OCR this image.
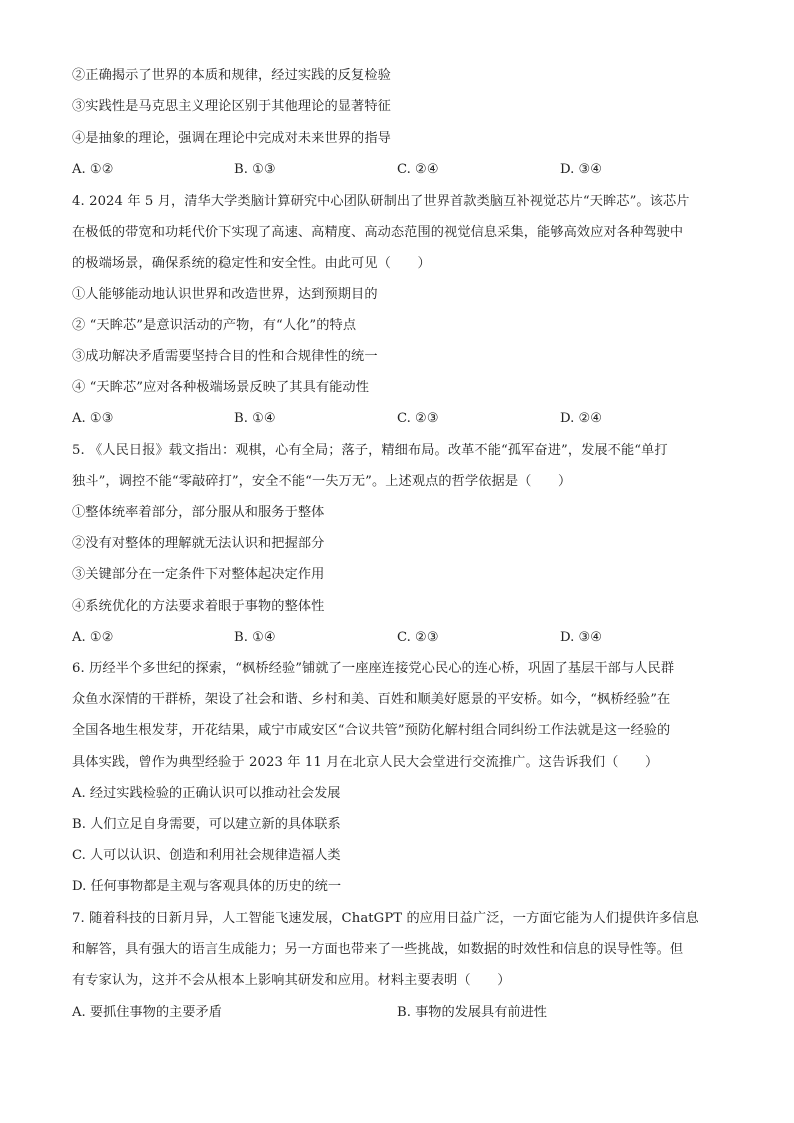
②正确揭示了世界的本质和规律，经过实践的反复检验
③实践性是马克思主义理论区别于其他理论的显著特征
④是抽象的理论，强调在理论中完成对未来世界的指导
A. ①②	B. ①③	C. ②④	D. ③④
4. 2024 年 5 月，清华大学类脑计算研究中心团队研制出了世界首款类脑互补视觉芯片“天眸芯”。该芯片
在极低的带宽和功耗代价下实现了高速、高精度、高动态范围的视觉信息采集，能够高效应对各种驾驶中
的极端场景，确保系统的稳定性和安全性。由此可见（　　）
①人能够能动地认识世界和改造世界，达到预期目的
② “天眸芯”是意识活动的产物，有“人化”的特点
③成功解决矛盾需要坚持合目的性和合规律性的统一
④ “天眸芯”应对各种极端场景反映了其具有能动性
A. ①③	B. ①④	C. ②③	D. ②④
5. 《人民日报》载文指出：观棋，心有全局；落子，精细布局。改革不能“孤军奋进”，发展不能“单打
独斗”，调控不能“零敲碎打”，安全不能“一失万无”。上述观点的哲学依据是（　　）
①整体统率着部分，部分服从和服务于整体
②没有对整体的理解就无法认识和把握部分
③关键部分在一定条件下对整体起决定作用
④系统优化的方法要求着眼于事物的整体性
A. ①②	B. ①④	C. ②③	D. ③④
6. 历经半个多世纪的探索，“枫桥经验”铺就了一座座连接党心民心的连心桥，巩固了基层干部与人民群
众鱼水深情的干群桥，架设了社会和谐、乡村和美、百姓和顺美好愿景的平安桥。如今，“枫桥经验”在
全国各地生根发芽，开花结果，咸宁市咸安区“合议共管”预防化解村组合同纠纷工作法就是这一经验的
具体实践，曾作为典型经验于 2023 年 11 月在北京人民大会堂进行交流推广。这告诉我们（　　）
A. 经过实践检验的正确认识可以推动社会发展
B. 人们立足自身需要，可以建立新的具体联系
C. 人可以认识、创造和利用社会规律造福人类
D. 任何事物都是主观与客观具体的历史的统一
7. 随着科技的日新月异，人工智能飞速发展，ChatGPT 的应用日益广泛，一方面它能为人们提供许多信息
和解答，具有强大的语言生成能力；另一方面也带来了一些挑战，如数据的时效性和信息的误导性等。但
有专家认为，这并不会从根本上影响其研发和应用。材料主要表明（　　）
A. 要抓住事物的主要矛盾	B. 事物的发展具有前进性
